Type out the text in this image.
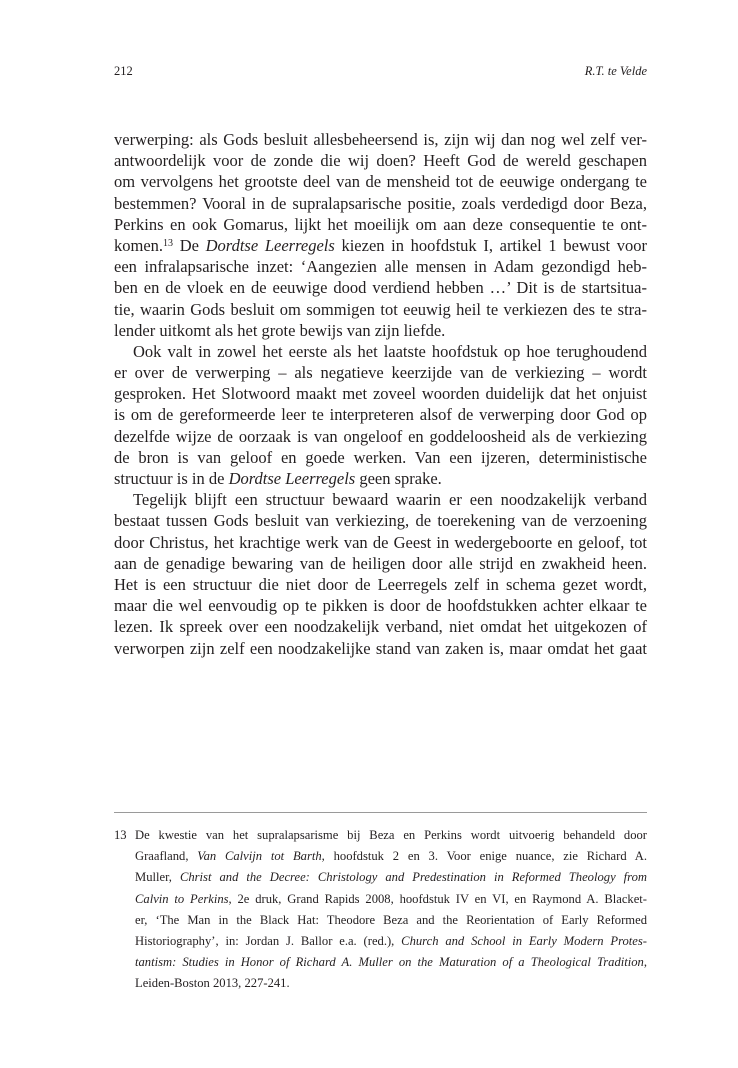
212	R.T. te Velde
verwerping: als Gods besluit allesbeheersend is, zijn wij dan nog wel zelf ver-
antwoordelijk voor de zonde die wij doen? Heeft God de wereld geschapen
om vervolgens het grootste deel van de mensheid tot de eeuwige ondergang te
bestemmen? Vooral in de supralapsarische positie, zoals verdedigd door Beza,
Perkins en ook Gomarus, lijkt het moeilijk om aan deze consequentie te ont-
komen.$^{13}$ De Dordtse Leerregels kiezen in hoofdstuk I, artikel 1 bewust voor
een infralapsarische inzet: ‘Aangezien alle mensen in Adam gezondigd heb-
ben en de vloek en de eeuwige dood verdiend hebben …’ Dit is de startsitua-
tie, waarin Gods besluit om sommigen tot eeuwig heil te verkiezen des te stra-
lender uitkomt als het grote bewijs van zijn liefde.
Ook valt in zowel het eerste als het laatste hoofdstuk op hoe terughoudend
er over de verwerping – als negatieve keerzijde van de verkiezing – wordt
gesproken. Het Slotwoord maakt met zoveel woorden duidelijk dat het onjuist
is om de gereformeerde leer te interpreteren alsof de verwerping door God op
dezelfde wijze de oorzaak is van ongeloof en goddeloosheid als de verkiezing
de bron is van geloof en goede werken. Van een ijzeren, deterministische
structuur is in de Dordtse Leerregels geen sprake.
Tegelijk blijft een structuur bewaard waarin er een noodzakelijk verband
bestaat tussen Gods besluit van verkiezing, de toerekening van de verzoening
door Christus, het krachtige werk van de Geest in wedergeboorte en geloof, tot
aan de genadige bewaring van de heiligen door alle strijd en zwakheid heen.
Het is een structuur die niet door de Leerregels zelf in schema gezet wordt,
maar die wel eenvoudig op te pikken is door de hoofdstukken achter elkaar te
lezen. Ik spreek over een noodzakelijk verband, niet omdat het uitgekozen of
verworpen zijn zelf een noodzakelijke stand van zaken is, maar omdat het gaat
13 De kwestie van het supralapsarisme bij Beza en Perkins wordt uitvoerig behandeld door
Graafland, Van Calvijn tot Barth, hoofdstuk 2 en 3. Voor enige nuance, zie Richard A.
Muller, Christ and the Decree: Christology and Predestination in Reformed Theology from
Calvin to Perkins, 2e druk, Grand Rapids 2008, hoofdstuk IV en VI, en Raymond A. Blacket-
er, ‘The Man in the Black Hat: Theodore Beza and the Reorientation of Early Reformed
Historiography’, in: Jordan J. Ballor e.a. (red.), Church and School in Early Modern Protes-
tantism: Studies in Honor of Richard A. Muller on the Maturation of a Theological Tradition,
Leiden-Boston 2013, 227-241.
